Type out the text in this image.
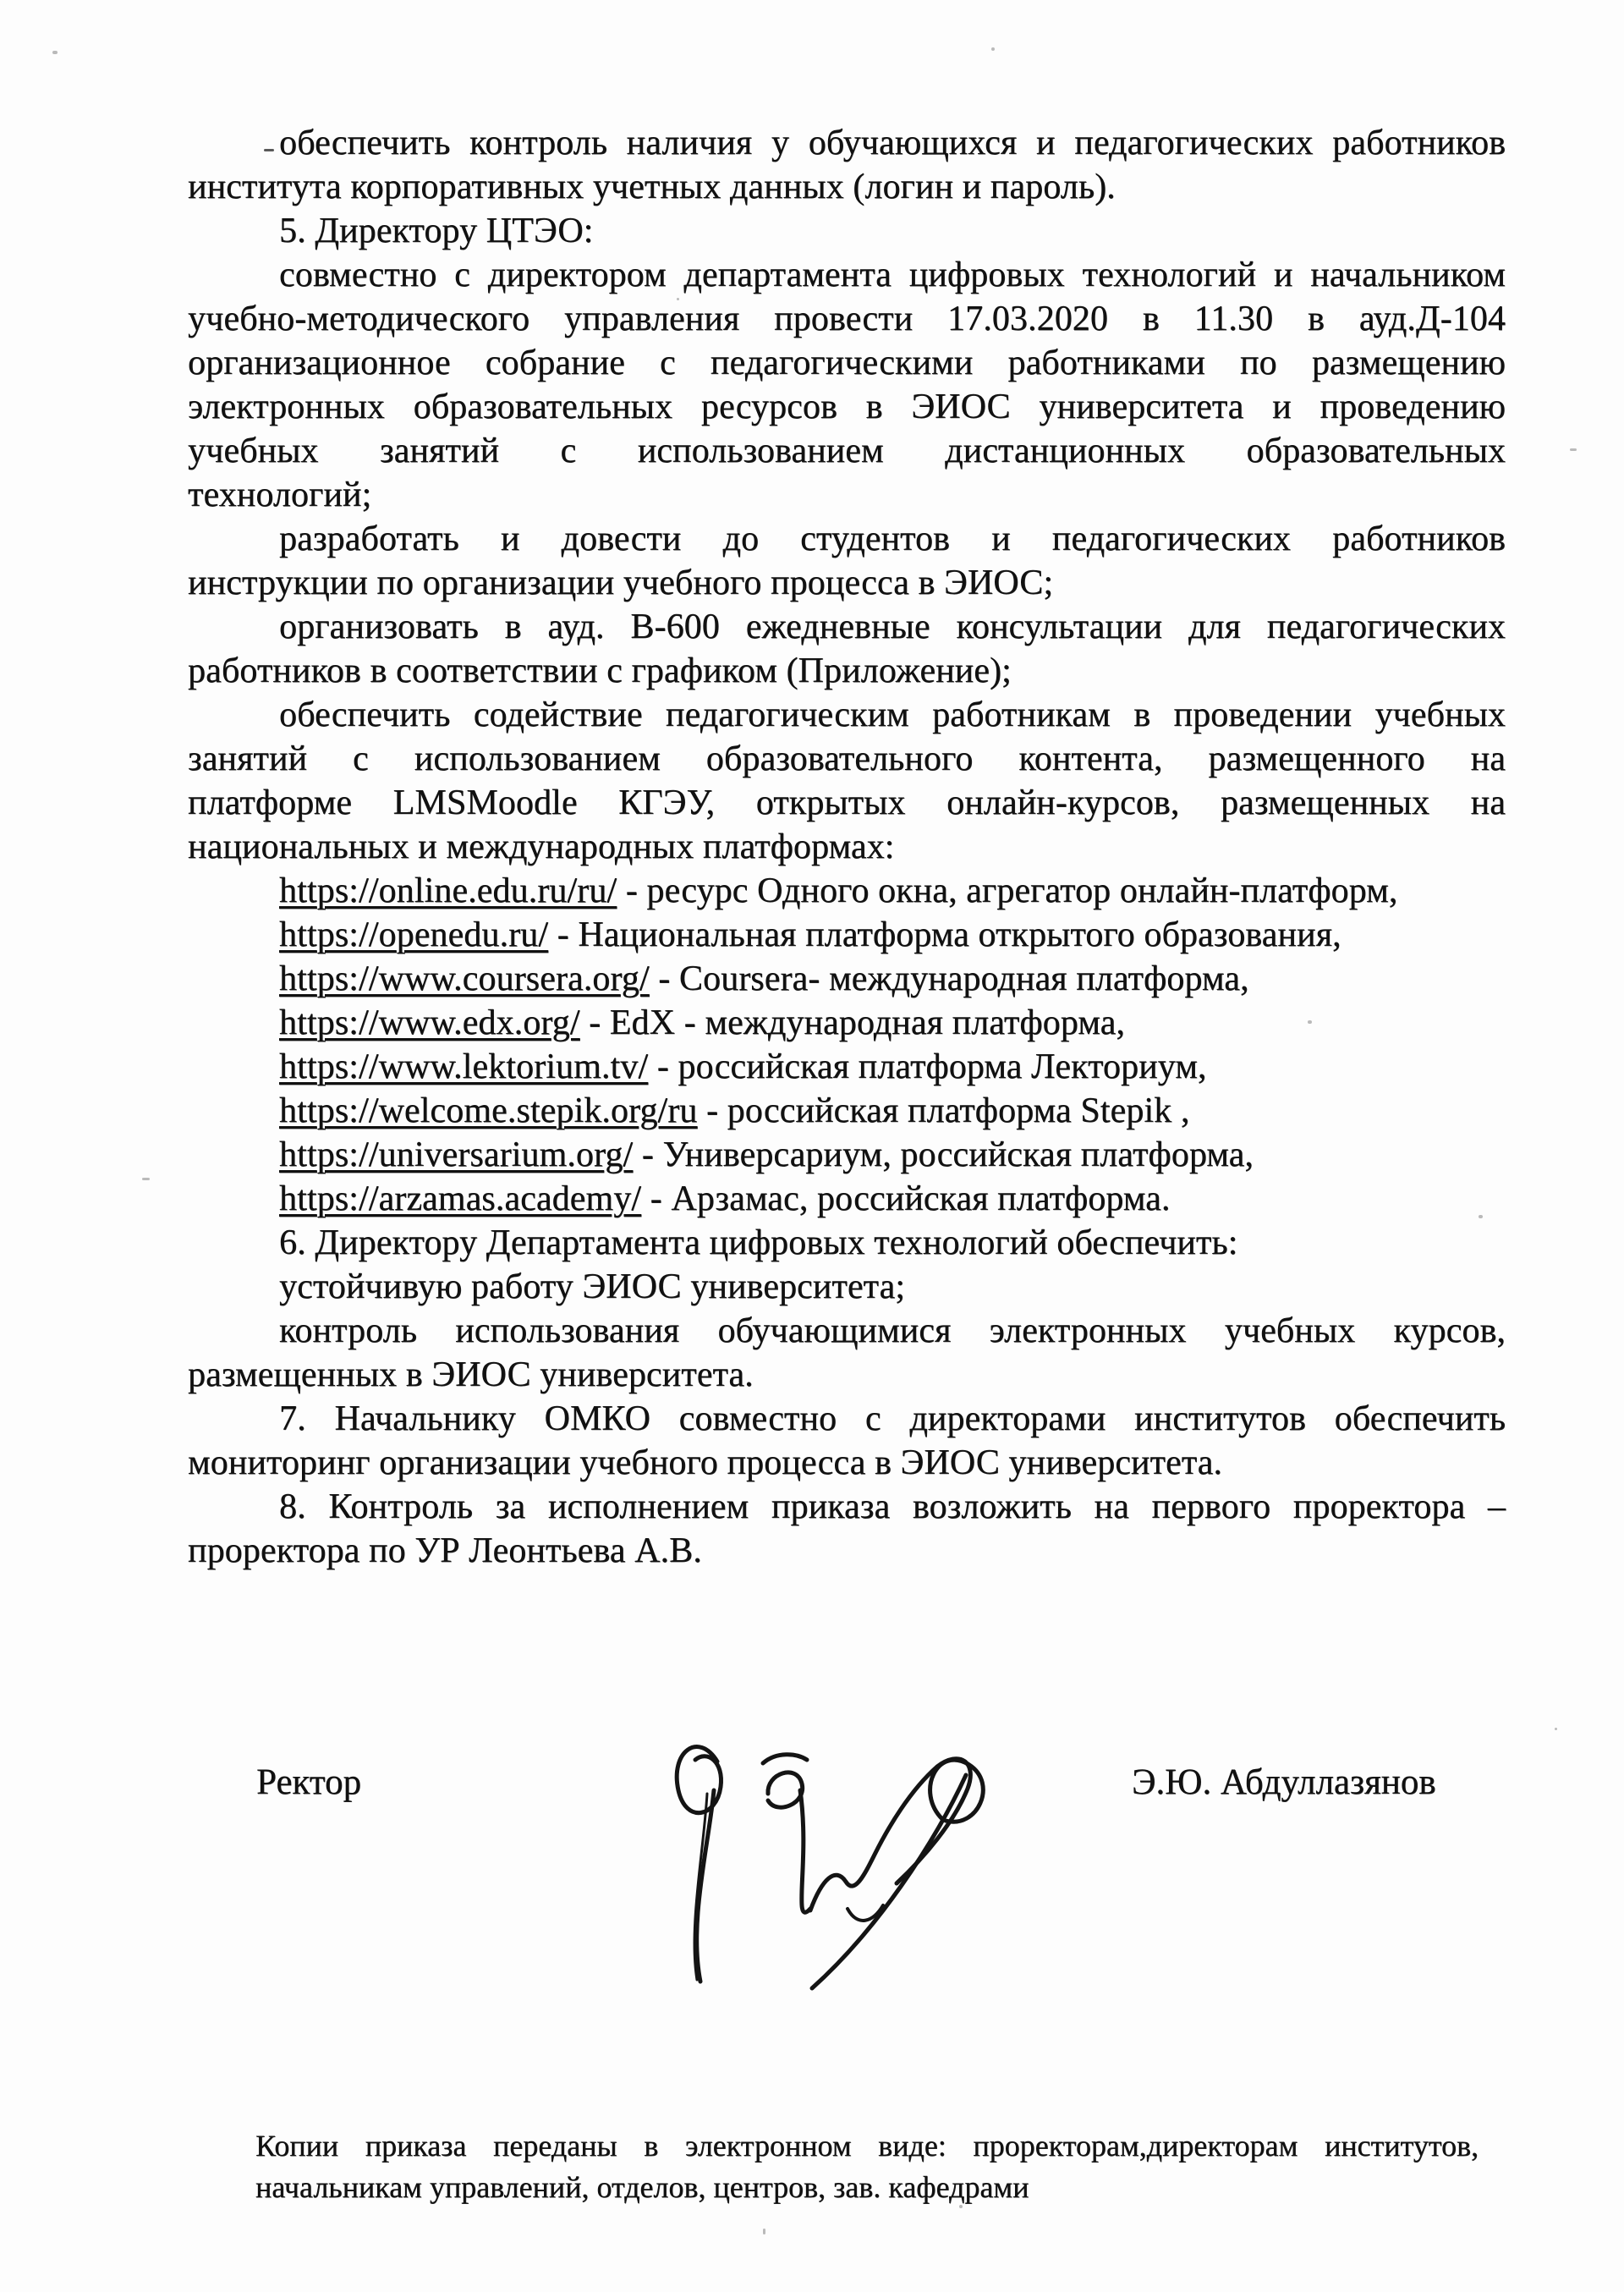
обеспечить контроль наличия у обучающихся и педагогических работников
института корпоративных учетных данных (логин и пароль).
5. Директору ЦТЭО:
совместно с директором департамента цифровых технологий и начальником
учебно-методического управления провести 17.03.2020 в 11.30 в ауд.Д-104
организационное собрание с педагогическими работниками по размещению
электронных образовательных ресурсов в ЭИОС университета и проведению
учебных занятий с использованием дистанционных образовательных
технологий;
разработать и довести до студентов и педагогических работников
инструкции по организации учебного процесса в ЭИОС;
организовать в ауд. В-600 ежедневные консультации для педагогических
работников в соответствии с графиком (Приложение);
обеспечить содействие педагогическим работникам в проведении учебных
занятий с использованием образовательного контента, размещенного на
платформе LMSMoodle КГЭУ, открытых онлайн-курсов, размещенных на
национальных и международных платформах:
https://online.edu.ru/ru/ - ресурс Одного окна, агрегатор онлайн-платформ,
https://openedu.ru/ - Национальная платформа открытого образования,
https://www.coursera.org/ - Coursera- международная платформа,
https://www.edx.org/ - EdX - международная платформа,
https://www.lektorium.tv/ - российская платформа Лекториум,
https://welcome.stepik.org/ru - российская платформа Stepik ,
https://universarium.org/ - Универсариум, российская платформа,
https://arzamas.academy/ - Арзамас, российская платформа.
6. Директору Департамента цифровых технологий обеспечить:
устойчивую работу ЭИОС университета;
контроль использования обучающимися электронных учебных курсов,
размещенных в ЭИОС университета.
7. Начальнику ОМКО совместно с директорами институтов обеспечить
мониторинг организации учебного процесса в ЭИОС университета.
8. Контроль за исполнением приказа возложить на первого проректора –
проректора по УР Леонтьева А.В.
Ректор	Э.Ю. Абдуллазянов
Копии приказа переданы в электронном виде: проректорам,директорам институтов,
начальникам управлений, отделов, центров, зав. кафедрами
